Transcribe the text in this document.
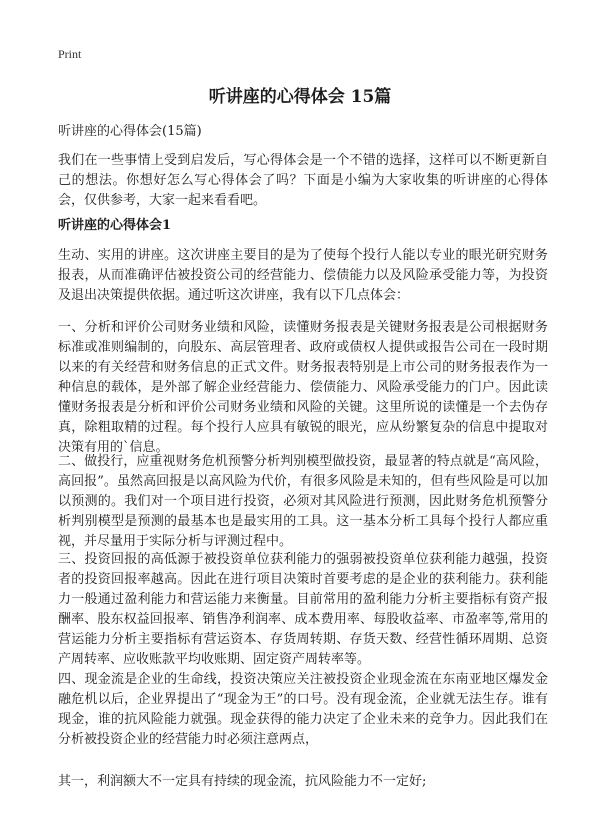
Print
听讲座的心得体会 15篇
听讲座的心得体会(15篇)
我们在一些事情上受到启发后，写心得体会是一个不错的选择，这样可以不断更新自己的想法。你想好怎么写心得体会了吗？下面是小编为大家收集的听讲座的心得体会，仅供参考，大家一起来看看吧。
听讲座的心得体会1
生动、实用的讲座。这次讲座主要目的是为了使每个投行人能以专业的眼光研究财务报表，从而准确评估被投资公司的经营能力、偿债能力以及风险承受能力等，为投资及退出决策提供依据。通过听这次讲座，我有以下几点体会：
一、分析和评价公司财务业绩和风险，读懂财务报表是关键财务报表是公司根据财务标准或准则编制的，向股东、高层管理者、政府或债权人提供或报告公司在一段时期以来的有关经营和财务信息的正式文件。财务报表特别是上市公司的财务报表作为一种信息的载体，是外部了解企业经营能力、偿债能力、风险承受能力的门户。因此读懂财务报表是分析和评价公司财务业绩和风险的关键。这里所说的读懂是一个去伪存真，除粗取精的过程。每个投行人应具有敏锐的眼光，应从纷繁复杂的信息中提取对决策有用的`信息。
二、做投行，应重视财务危机预警分析判别模型做投资，最显著的特点就是“高风险，高回报”。虽然高回报是以高风险为代价，有很多风险是未知的，但有些风险是可以加以预测的。我们对一个项目进行投资，必须对其风险进行预测，因此财务危机预警分析判别模型是预测的最基本也是最实用的工具。这一基本分析工具每个投行人都应重视，并尽量用于实际分析与评测过程中。
三、投资回报的高低源于被投资单位获利能力的强弱被投资单位获利能力越强，投资者的投资回报率越高。因此在进行项目决策时首要考虑的是企业的获利能力。获利能力一般通过盈利能力和营运能力来衡量。目前常用的盈利能力分析主要指标有资产报酬率、股东权益回报率、销售净利润率、成本费用率、每股收益率、市盈率等,常用的营运能力分析主要指标有营运资本、存货周转期、存货天数、经营性循环周期、总资产周转率、应收账款平均收账期、固定资产周转率等。
四、现金流是企业的生命线，投资决策应关注被投资企业现金流在东南亚地区爆发金融危机以后，企业界提出了“现金为王”的口号。没有现金流，企业就无法生存。谁有现金，谁的抗风险能力就强。现金获得的能力决定了企业未来的竞争力。因此我们在分析被投资企业的经营能力时必须注意两点，
其一，利润额大不一定具有持续的现金流，抗风险能力不一定好;
